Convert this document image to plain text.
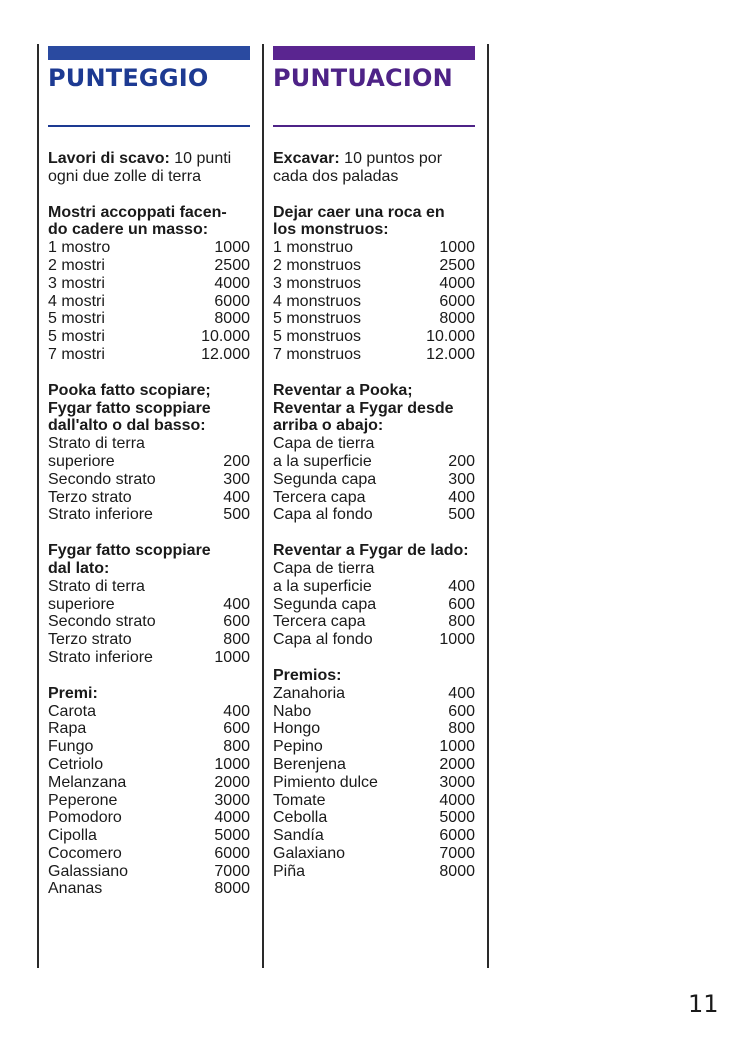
PUNTEGGIO
Lavori di scavo: 10 punti
ogni due zolle di terra
Mostri accoppati facen-
do cadere un masso:
1 mostro	1000
2 mostri	2500
3 mostri	4000
4 mostri	6000
5 mostri	8000
5 mostri	10.000
7 mostri	12.000
Pooka fatto scopiare;
Fygar fatto scoppiare
dall'alto o dal basso:
Strato di terra
superiore	200
Secondo strato	300
Terzo strato	400
Strato inferiore	500
Fygar fatto scoppiare
dal lato:
Strato di terra
superiore	400
Secondo strato	600
Terzo strato	800
Strato inferiore	1000
Premi:
Carota	400
Rapa	600
Fungo	800
Cetriolo	1000
Melanzana	2000
Peperone	3000
Pomodoro	4000
Cipolla	5000
Cocomero	6000
Galassiano	7000
Ananas	8000
PUNTUACION
Excavar: 10 puntos por
cada dos paladas
Dejar caer una roca en
los monstruos:
1 monstruo	1000
2 monstruos	2500
3 monstruos	4000
4 monstruos	6000
5 monstruos	8000
5 monstruos	10.000
7 monstruos	12.000
Reventar a Pooka;
Reventar a Fygar desde
arriba o abajo:
Capa de tierra
a la superficie	200
Segunda capa	300
Tercera capa	400
Capa al fondo	500
Reventar a Fygar de lado:
Capa de tierra
a la superficie	400
Segunda capa	600
Tercera capa	800
Capa al fondo	1000
Premios:
Zanahoria	400
Nabo	600
Hongo	800
Pepino	1000
Berenjena	2000
Pimiento dulce	3000
Tomate	4000
Cebolla	5000
Sandía	6000
Galaxiano	7000
Piña	8000
11
